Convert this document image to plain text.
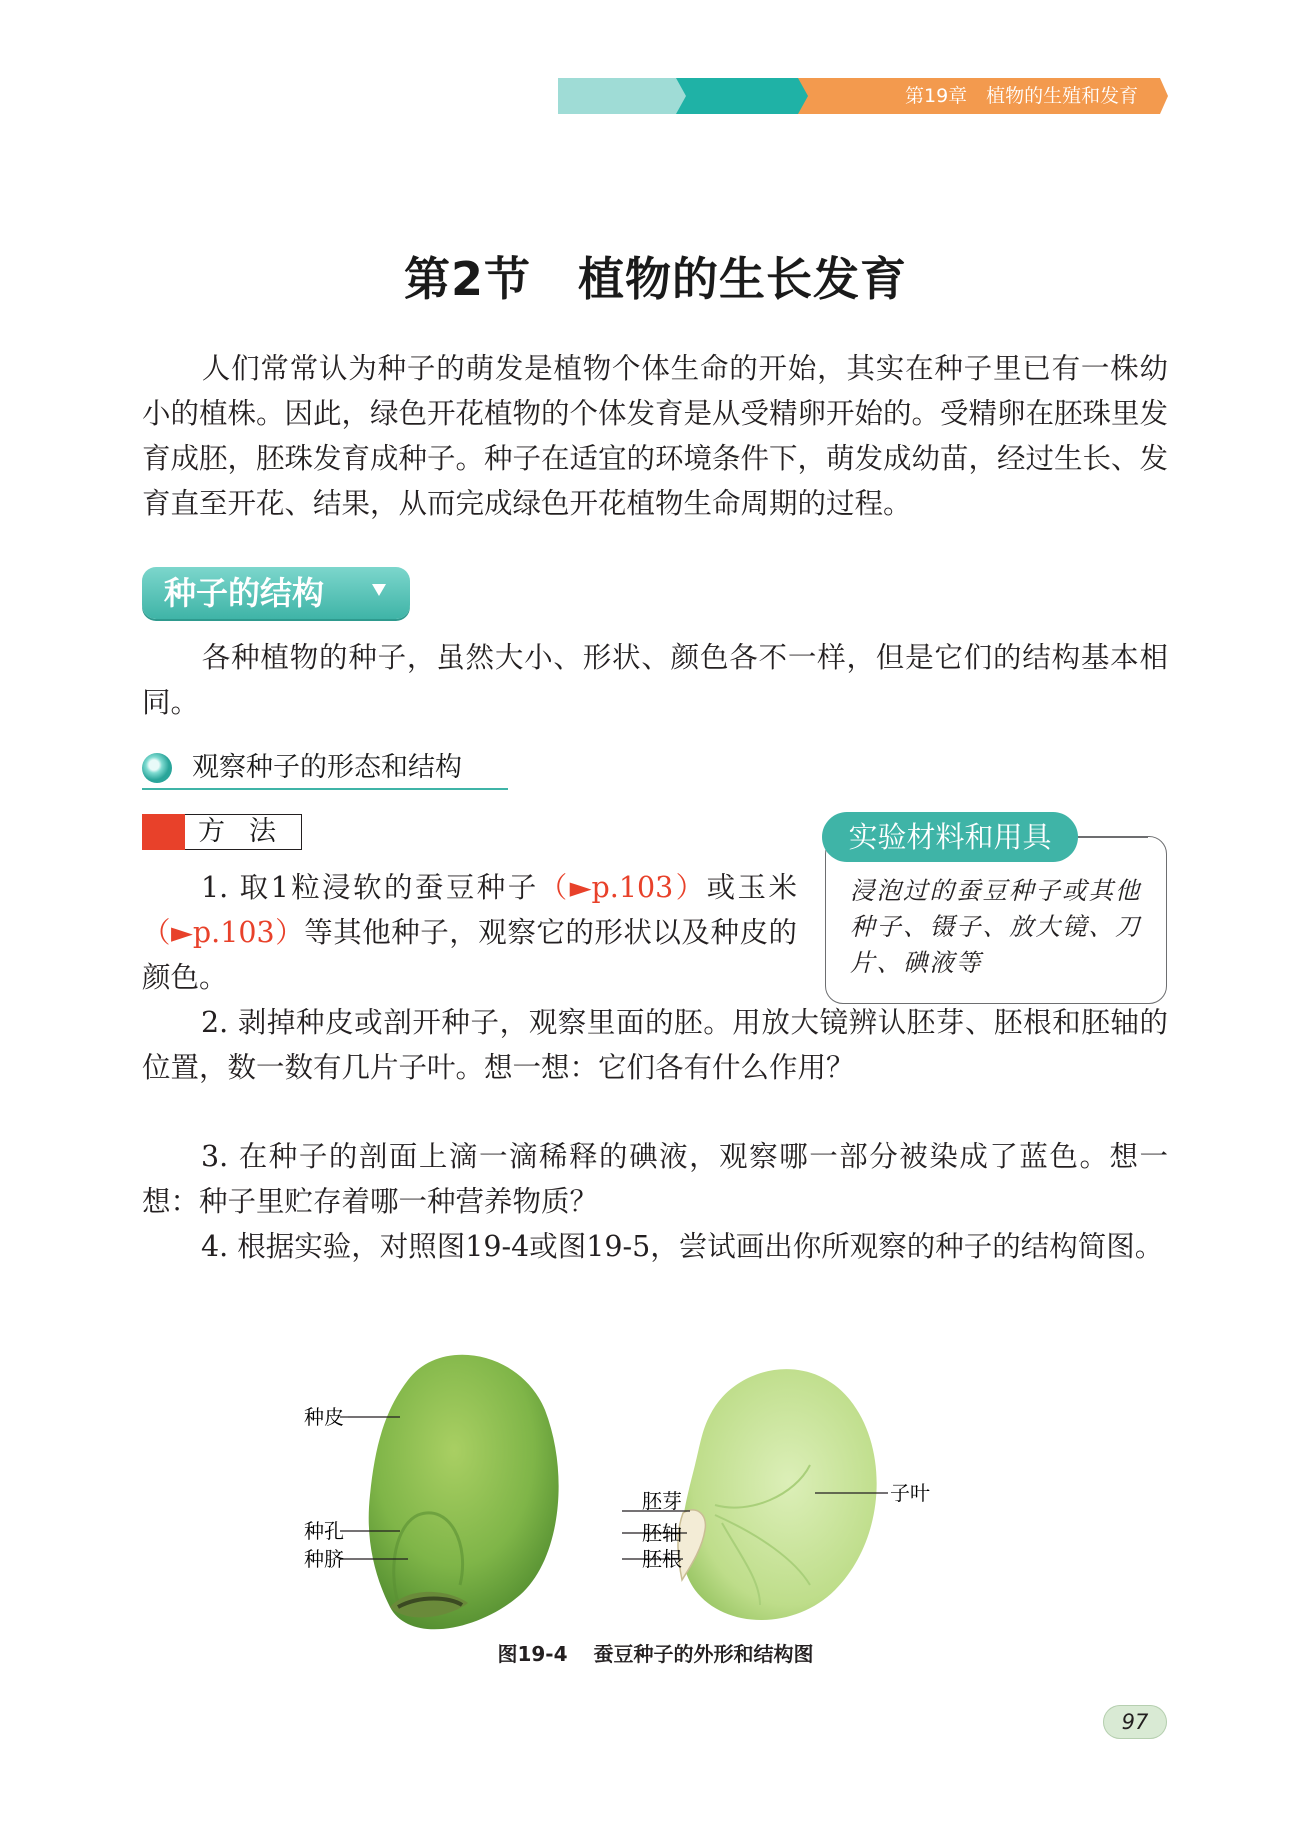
第19章　植物的生殖和发育
第2节　植物的生长发育

人们常常认为种子的萌发是植物个体生命的开始，其实在种子里已有一株幼小的植株。因此，绿色开花植物的个体发育是从受精卵开始的。受精卵在胚珠里发育成胚，胚珠发育成种子。种子在适宜的环境条件下，萌发成幼苗，经过生长、发育直至开花、结果，从而完成绿色开花植物生命周期的过程。

种子的结构

各种植物的种子，虽然大小、形状、颜色各不一样，但是它们的结构基本相同。

观察种子的形态和结构
方法	实验材料和用具
浸泡过的蚕豆种子或其他种子、镊子、放大镜、刀片、碘液等

1. 取1粒浸软的蚕豆种子（►p.103）或玉米（►p.103）等其他种子，观察它的形状以及种皮的颜色。

2. 剥掉种皮或剖开种子，观察里面的胚。用放大镜辨认胚芽、胚根和胚轴的位置，数一数有几片子叶。想一想：它们各有什么作用？

3. 在种子的剖面上滴一滴稀释的碘液，观察哪一部分被染成了蓝色。想一想：种子里贮存着哪一种营养物质？

4. 根据实验，对照图19-4或图19-5，尝试画出你所观察的种子的结构简图。

种皮
种孔
种脐
胚芽
胚轴
胚根
子叶
图19-4 蚕豆种子的外形和结构图
97
